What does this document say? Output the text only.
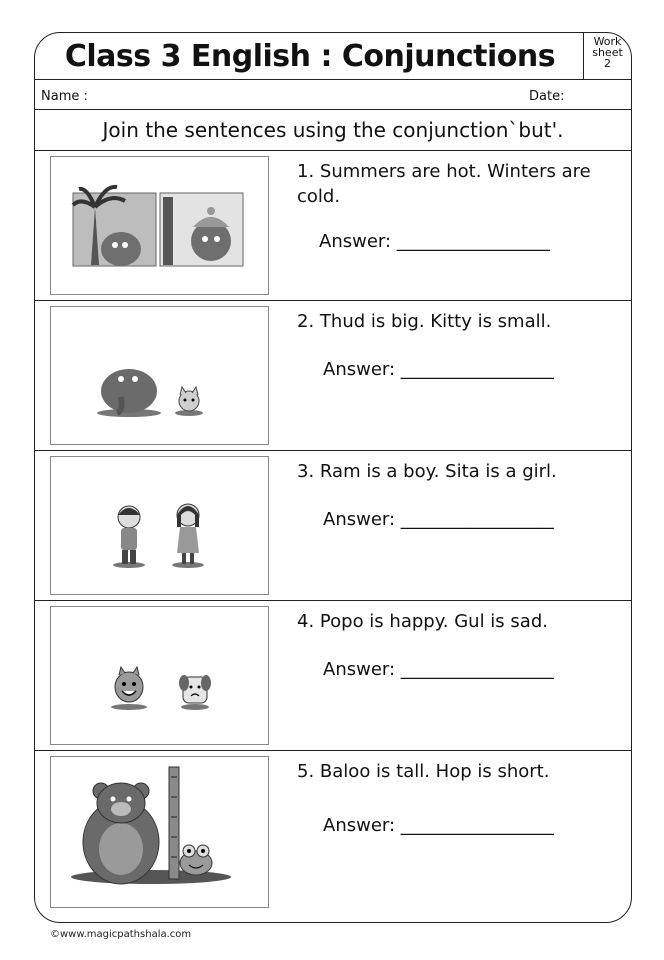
Class 3 English : Conjunctions	Work
sheet
2
Name :	Date:
Join the sentences using the conjunction`but'.
1. Summers are hot. Winters are cold.
Answer: _________________
2. Thud is big. Kitty is small.
Answer: _________________
3. Ram is a boy. Sita is a girl.
Answer: _________________
4. Popo is happy. Gul is sad.
Answer: _________________
5. Baloo is tall. Hop is short.
Answer: _________________
©www.magicpathshala.com
